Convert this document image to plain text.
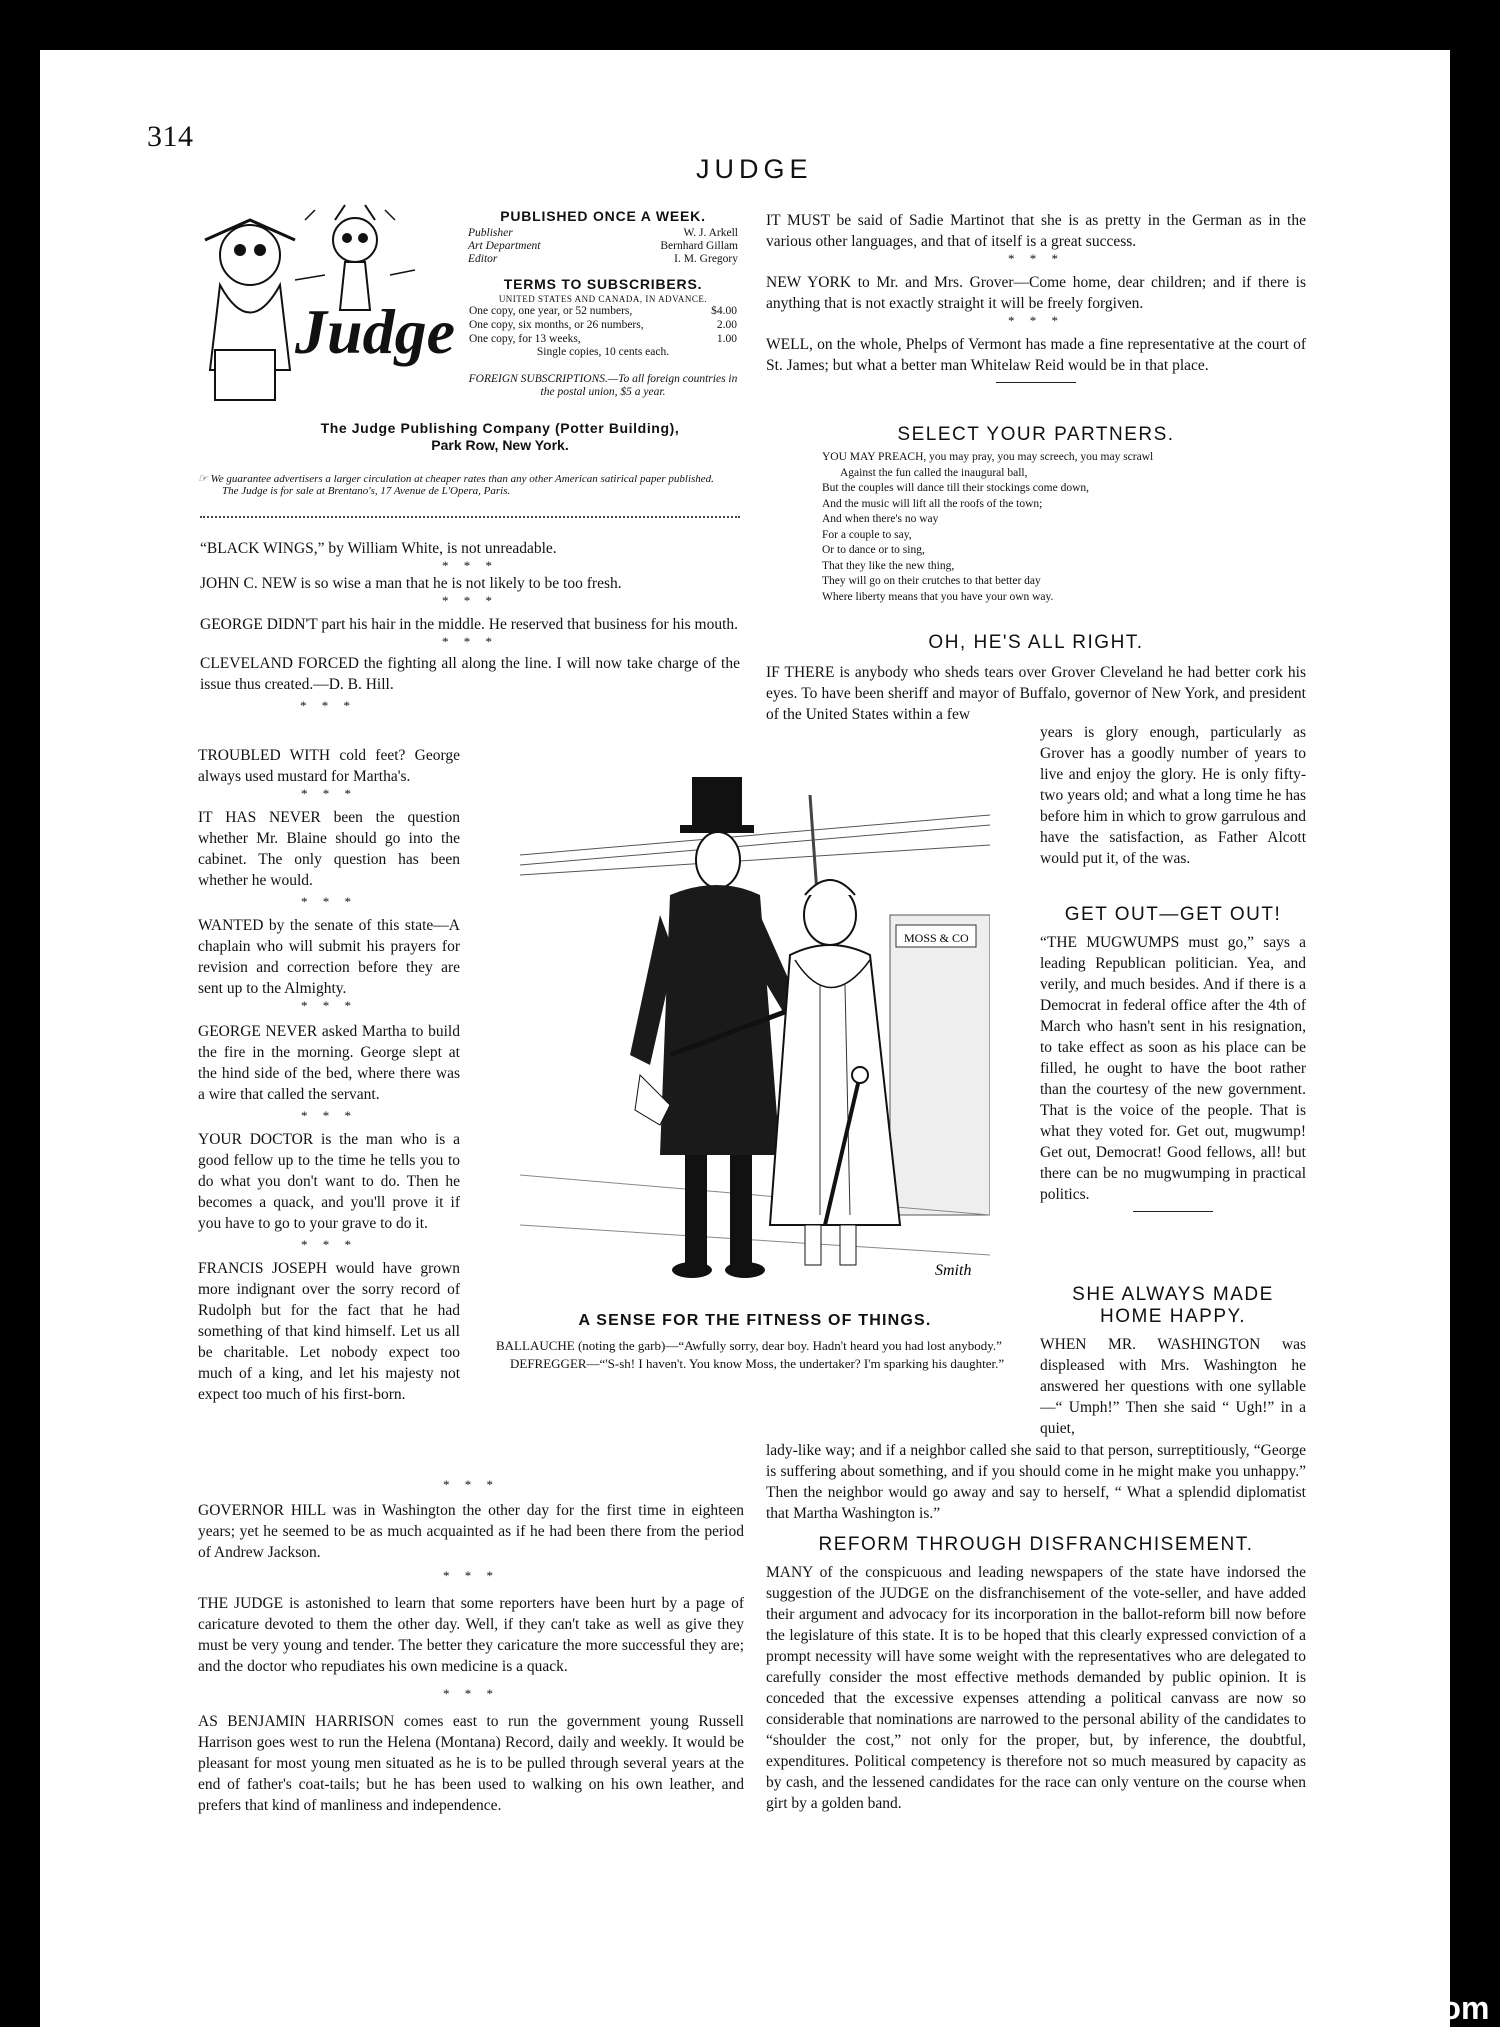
314
JUDGE
Judge
PUBLISHED ONCE A WEEK.
Publisher	W. J. Arkell
Art Department	Bernhard Gillam
Editor	I. M. Gregory
TERMS TO SUBSCRIBERS.
UNITED STATES AND CANADA, IN ADVANCE.
One copy, one year, or 52 numbers,	$4.00
One copy, six months, or 26 numbers,	2.00
One copy, for 13 weeks,	1.00
Single copies, 10 cents each.
FOREIGN SUBSCRIPTIONS.—To all foreign countries in the postal union, $5 a year.
The Judge Publishing Company (Potter Building),
Park Row, New York.
☞ We guarantee advertisers a larger circulation at cheaper rates than any other American satirical paper published.
The Judge is for sale at Brentano's, 17 Avenue de L'Opera, Paris.
“BLACK WINGS,” by William White, is not unreadable.
* * *
JOHN C. NEW is so wise a man that he is not likely to be too fresh.
* * *
GEORGE DIDN'T part his hair in the middle. He reserved that business for his mouth.
* * *
CLEVELAND FORCED the fighting all along the line. I will now take charge of the issue thus created.—D. B. Hill.
* * *
TROUBLED WITH cold feet? George always used mustard for Martha's.
* * *
IT HAS NEVER been the question whether Mr. Blaine should go into the cabinet. The only question has been whether he would.
* * *
WANTED by the senate of this state—A chaplain who will submit his prayers for revision and correction before they are sent up to the Almighty.
* * *
GEORGE NEVER asked Martha to build the fire in the morning. George slept at the hind side of the bed, where there was a wire that called the servant.
* * *
YOUR DOCTOR is the man who is a good fellow up to the time he tells you to do what you don't want to do. Then he becomes a quack, and you'll prove it if you have to go to your grave to do it.
* * *
FRANCIS JOSEPH would have grown more indignant over the sorry record of Rudolph but for the fact that he had something of that kind himself. Let us all be charitable. Let nobody expect too much of a king, and let his majesty not expect too much of his first-born.
* * *
GOVERNOR HILL was in Washington the other day for the first time in eighteen years; yet he seemed to be as much acquainted as if he had been there from the period of Andrew Jackson.
* * *
THE JUDGE is astonished to learn that some reporters have been hurt by a page of caricature devoted to them the other day. Well, if they can't take as well as give they must be very young and tender. The better they caricature the more successful they are; and the doctor who repudiates his own medicine is a quack.
* * *
AS BENJAMIN HARRISON comes east to run the government young Russell Harrison goes west to run the Helena (Montana) Record, daily and weekly. It would be pleasant for most young men situated as he is to be pulled through several years at the end of father's coat-tails; but he has been used to walking on his own leather, and prefers that kind of manliness and independence.
IT MUST be said of Sadie Martinot that she is as pretty in the German as in the various other languages, and that of itself is a great success.
* * *
NEW YORK to Mr. and Mrs. Grover—Come home, dear children; and if there is anything that is not exactly straight it will be freely forgiven.
* * *
WELL, on the whole, Phelps of Vermont has made a fine representative at the court of St. James; but what a better man Whitelaw Reid would be in that place.
SELECT YOUR PARTNERS.
YOU MAY PREACH, you may pray, you may screech, you may scrawl
Against the fun called the inaugural ball,
But the couples will dance till their stockings come down,
And the music will lift all the roofs of the town;
And when there's no way
For a couple to say,
Or to dance or to sing,
That they like the new thing,
They will go on their crutches to that better day
Where liberty means that you have your own way.
OH, HE'S ALL RIGHT.
IF THERE is anybody who sheds tears over Grover Cleveland he had better cork his eyes. To have been sheriff and mayor of Buffalo, governor of New York, and president of the United States within a few
years is glory enough, particularly as Grover has a goodly number of years to live and enjoy the glory. He is only fifty-two years old; and what a long time he has before him in which to grow garrulous and have the satisfaction, as Father Alcott would put it, of the was.
GET OUT—GET OUT!
“THE MUGWUMPS must go,” says a leading Republican politician. Yea, and verily, and much besides. And if there is a Democrat in federal office after the 4th of March who hasn't sent in his resignation, to take effect as soon as his place can be filled, he ought to have the boot rather than the courtesy of the new government. That is the voice of the people. That is what they voted for. Get out, mugwump! Get out, Democrat! Good fellows, all! but there can be no mugwumping in practical politics.
SHE ALWAYS MADE HOME HAPPY.
WHEN MR. WASHINGTON was displeased with Mrs. Washington he answered her questions with one syllable—“ Umph!” Then she said “ Ugh!” in a quiet,
lady-like way; and if a neighbor called she said to that person, surreptitiously, “George is suffering about something, and if you should come in he might make you unhappy.” Then the neighbor would go away and say to herself, “ What a splendid diplomatist that Martha Washington is.”
REFORM THROUGH DISFRANCHISEMENT.
MANY of the conspicuous and leading newspapers of the state have indorsed the suggestion of the JUDGE on the disfranchisement of the vote-seller, and have added their argument and advocacy for its incorporation in the ballot-reform bill now before the legislature of this state. It is to be hoped that this clearly expressed conviction of a prompt necessity will have some weight with the representatives who are delegated to carefully consider the most effective methods demanded by public opinion. It is conceded that the excessive expenses attending a political canvass are now so considerable that nominations are narrowed to the personal ability of the candidates to “shoulder the cost,” not only for the proper, but, by inference, the doubtful, expenditures. Political competency is therefore not so much measured by capacity as by cash, and the lessened candidates for the race can only venture on the course when girt by a golden band.
MOSS & CO
Smith
A SENSE FOR THE FITNESS OF THINGS.
BALLAUCHE (noting the garb)—“Awfully sorry, dear boy. Hadn't heard you had lost anybody.”
DEFREGGER—“'S-sh! I haven't. You know Moss, the undertaker? I'm sparking his daughter.”
comicbooks.com
